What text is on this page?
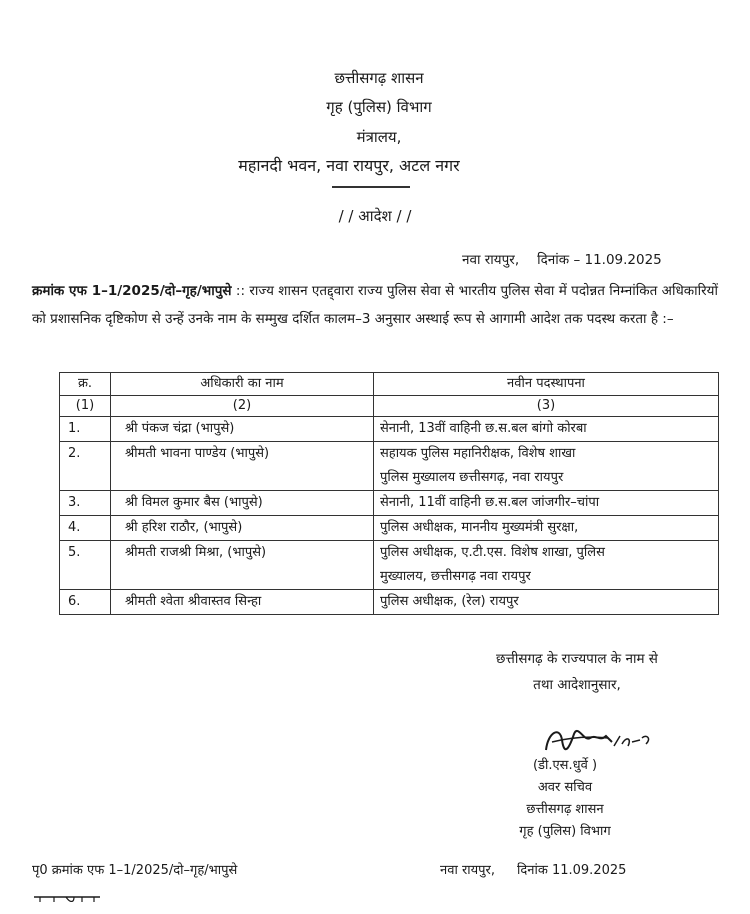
छत्तीसगढ़ शासन
गृह (पुलिस) विभाग
मंत्रालय,
महानदी भवन, नवा रायपुर, अटल नगर
/ / आदेश / /
नवा रायपुर, दिनांक – 11.09.2025
क्रमांक एफ 1–1/2025/दो–गृह/भापुसे :: राज्य शासन एतद्द्वारा राज्य पुलिस सेवा से भारतीय पुलिस सेवा में पदोन्नत निम्नांकित अधिकारियों को प्रशासनिक दृष्टिकोण से उन्हें उनके नाम के सम्मुख दर्शित कालम–3 अनुसार अस्थाई रूप से आगामी आदेश तक पदस्थ करता है :–
क्र.	अधिकारी का नाम	नवीन पदस्थापना
(1)	(2)	(3)
1.	श्री पंकज चंद्रा (भापुसे)	सेनानी, 13वीं वाहिनी छ.स.बल बांगो कोरबा
2.	श्रीमती भावना पाण्डेय (भापुसे)	सहायक पुलिस महानिरीक्षक, विशेष शाखा
पुलिस मुख्यालय छत्तीसगढ़, नवा रायपुर
3.	श्री विमल कुमार बैस (भापुसे)	सेनानी, 11वीं वाहिनी छ.स.बल जांजगीर–चांपा
4.	श्री हरिश राठौर, (भापुसे)	पुलिस अधीक्षक, माननीय मुख्यमंत्री सुरक्षा,
5.	श्रीमती राजश्री मिश्रा, (भापुसे)	पुलिस अधीक्षक, ए.टी.एस. विशेष शाखा, पुलिस
मुख्यालय, छत्तीसगढ़ नवा रायपुर
6.	श्रीमती श्वेता श्रीवास्तव सिन्हा	पुलिस अधीक्षक, (रेल) रायपुर
छत्तीसगढ़ के राज्यपाल के नाम से
तथा आदेशानुसार,
(डी.एस.धुर्वे )
अवर सचिव
छत्तीसगढ़ शासन
गृह (पुलिस) विभाग
पृ0 क्रमांक एफ 1–1/2025/दो–गृह/भापुसे	नवा रायपुर, दिनांक 11.09.2025
